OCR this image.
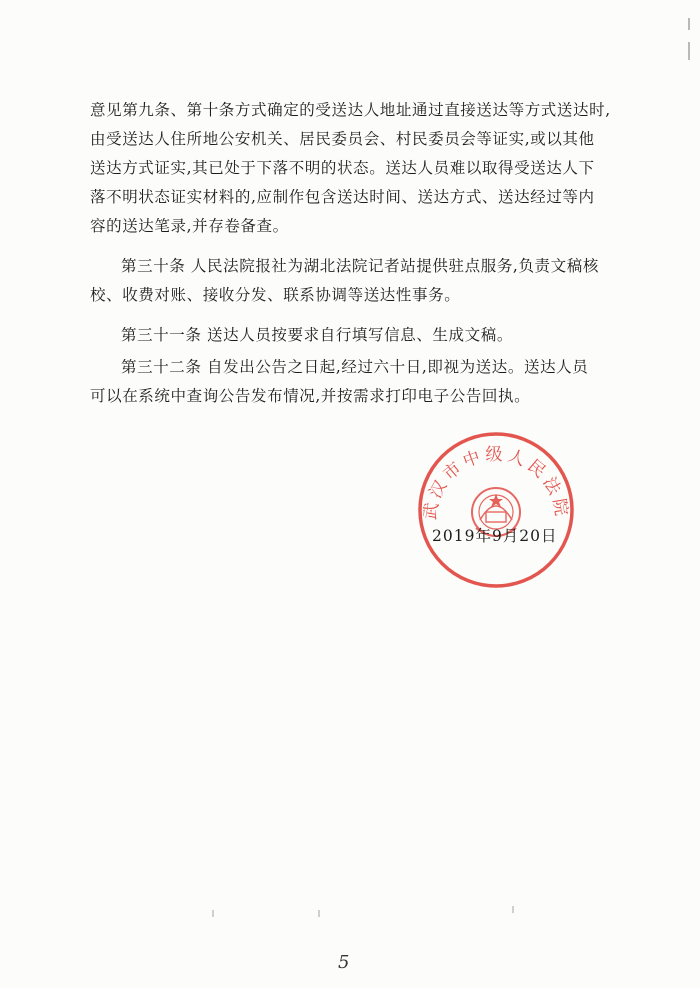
意见第九条、第十条方式确定的受送达人地址通过直接送达等方式送达时,
由受送达人住所地公安机关、居民委员会、村民委员会等证实,或以其他
送达方式证实,其已处于下落不明的状态。送达人员难以取得受送达人下
落不明状态证实材料的,应制作包含送达时间、送达方式、送达经过等内
容的送达笔录,并存卷备查。
第三十条 人民法院报社为湖北法院记者站提供驻点服务,负责文稿核
校、收费对账、接收分发、联系协调等送达性事务。
第三十一条 送达人员按要求自行填写信息、生成文稿。
第三十二条 自发出公告之日起,经过六十日,即视为送达。送达人员
可以在系统中查询公告发布情况,并按需求打印电子公告回执。
武汉市中级人民法院
2019年9月20日
5
